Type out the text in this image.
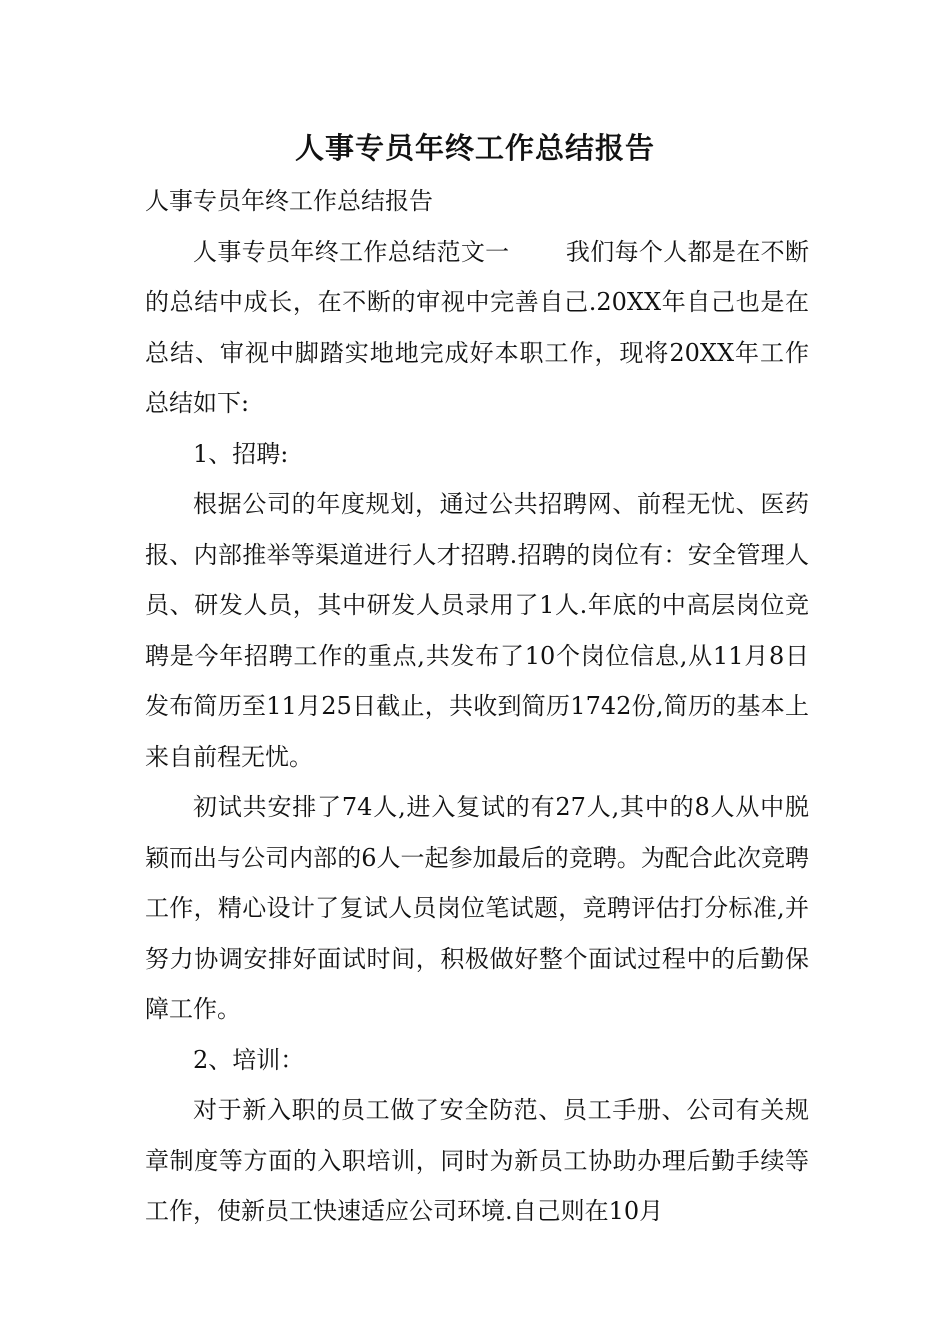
人事专员年终工作总结报告

人事专员年终工作总结报告

人事专员年终工作总结范文一 我们每个人都是在不断的总结中成长，在不断的审视中完善自己.20XX年自己也是在总结、审视中脚踏实地地完成好本职工作，现将20XX年工作总结如下:

1、招聘:

根据公司的年度规划，通过公共招聘网、前程无忧、医药报、内部推举等渠道进行人才招聘.招聘的岗位有：安全管理人员、研发人员，其中研发人员录用了1人.年底的中高层岗位竞聘是今年招聘工作的重点,共发布了10个岗位信息,从11月8日发布简历至11月25日截止，共收到简历1742份,简历的基本上来自前程无忧。

初试共安排了74人,进入复试的有27人,其中的8人从中脱颖而出与公司内部的6人一起参加最后的竞聘。为配合此次竞聘工作，精心设计了复试人员岗位笔试题，竞聘评估打分标准,并努力协调安排好面试时间，积极做好整个面试过程中的后勤保障工作。

2、培训：

对于新入职的员工做了安全防范、员工手册、公司有关规章制度等方面的入职培训，同时为新员工协助办理后勤手续等工作，使新员工快速适应公司环境.自己则在10月
